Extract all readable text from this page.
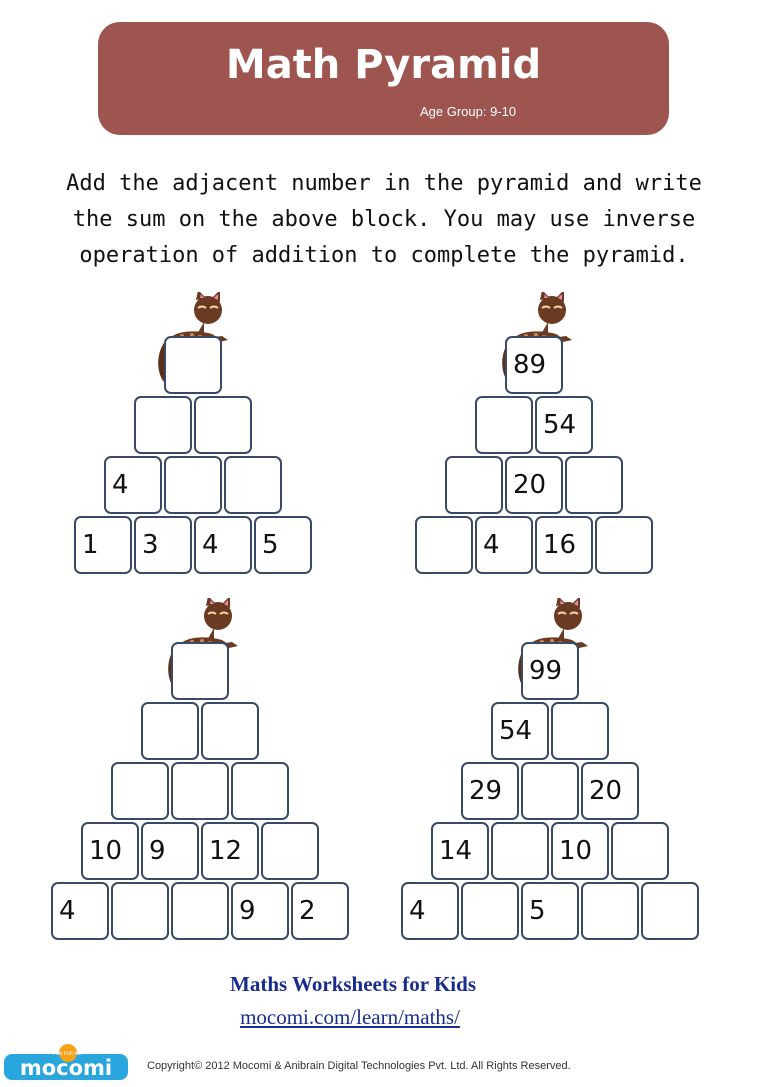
Math Pyramid
Age Group: 9-10

Add the adjacent number in the pyramid and write the sum on the above block. You may use inverse operation of addition to complete the pyramid.

4
1 3 4 5
89
54
20
4 16
10 9 12
4	9 2
99
54
29	20
14	10
4	5
Maths Worksheets for Kids
mocomi.com/learn/maths/
mocomi
FUN FOR ME!
Copyright© 2012 Mocomi & Anibrain Digital Technologies Pvt. Ltd. All Rights Reserved.
